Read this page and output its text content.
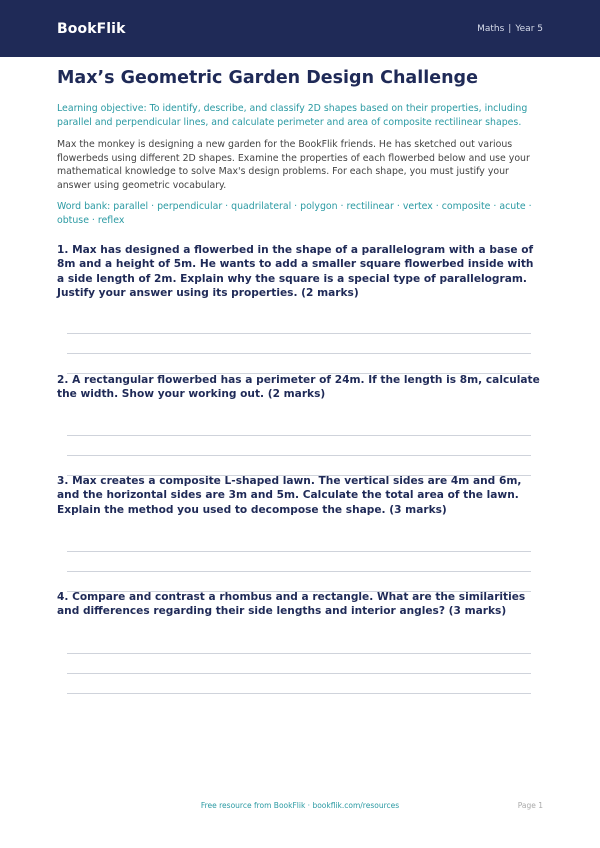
BookFlik	Maths | Year 5
Max’s Geometric Garden Design Challenge
Learning objective: To identify, describe, and classify 2D shapes based on their properties, including parallel and perpendicular lines, and calculate perimeter and area of composite rectilinear shapes.
Max the monkey is designing a new garden for the BookFlik friends. He has sketched out various flowerbeds using different 2D shapes. Examine the properties of each flowerbed below and use your mathematical knowledge to solve Max's design problems. For each shape, you must justify your answer using geometric vocabulary.
Word bank: parallel · perpendicular · quadrilateral · polygon · rectilinear · vertex · composite · acute · obtuse · reflex
1. Max has designed a flowerbed in the shape of a parallelogram with a base of 8m and a height of 5m. He wants to add a smaller square flowerbed inside with a side length of 2m. Explain why the square is a special type of parallelogram. Justify your answer using its properties. (2 marks)
2. A rectangular flowerbed has a perimeter of 24m. If the length is 8m, calculate the width. Show your working out. (2 marks)
3. Max creates a composite L-shaped lawn. The vertical sides are 4m and 6m, and the horizontal sides are 3m and 5m. Calculate the total area of the lawn. Explain the method you used to decompose the shape. (3 marks)
4. Compare and contrast a rhombus and a rectangle. What are the similarities and differences regarding their side lengths and interior angles? (3 marks)
Free resource from BookFlik · bookflik.com/resources	Page 1
